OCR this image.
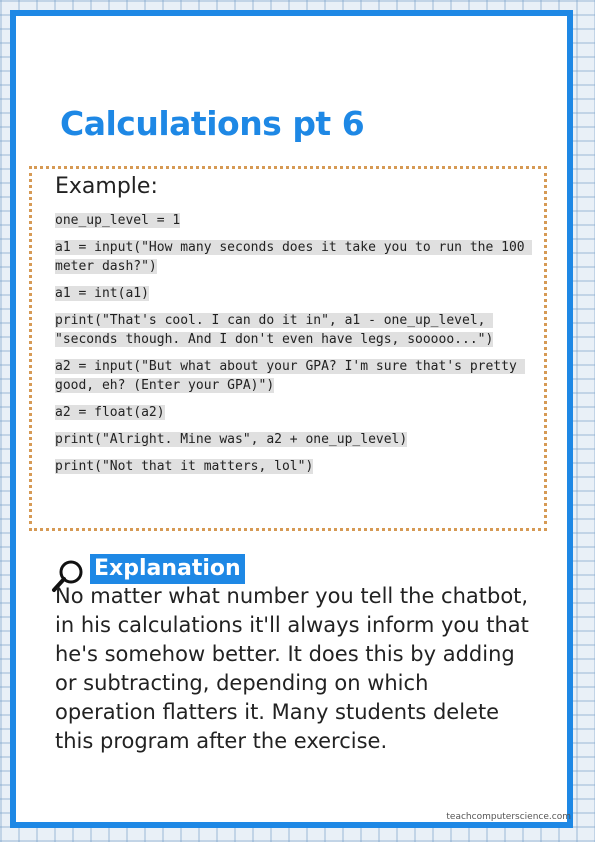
Calculations pt 6
Example:

one_up_level = 1

a1 = input("How many seconds does it take you to run the 100 meter dash?")

a1 = int(a1)

print("That's cool. I can do it in", a1 - one_up_level, "seconds though. And I don't even have legs, sooooo...")

a2 = input("But what about your GPA? I'm sure that's pretty good, eh? (Enter your GPA)")

a2 = float(a2)

print("Alright. Mine was", a2 + one_up_level)

print("Not that it matters, lol")

Explanation

No matter what number you tell the chatbot, in his calculations it'll always inform you that he's somehow better. It does this by adding or subtracting, depending on which operation flatters it. Many students delete this program after the exercise.

teachcomputerscience.com
